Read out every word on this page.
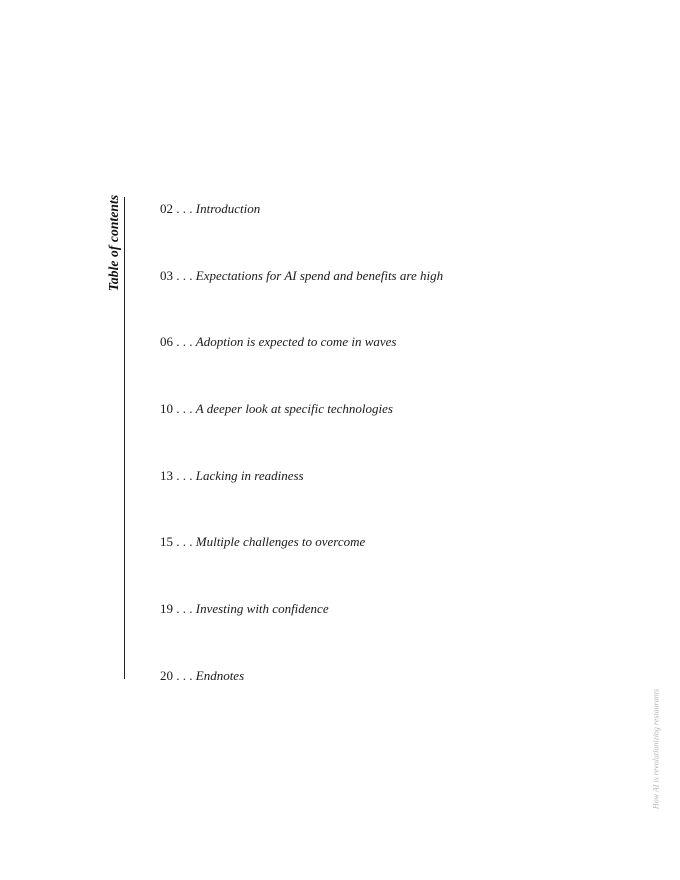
Table of contents	02 . . . Introduction
03 . . . Expectations for AI spend and benefits are high
06 . . . Adoption is expected to come in waves
10 . . . A deeper look at specific technologies
13 . . . Lacking in readiness
15 . . . Multiple challenges to overcome
19 . . . Investing with confidence
20 . . . Endnotes
How AI is revolutionizing restaurants
